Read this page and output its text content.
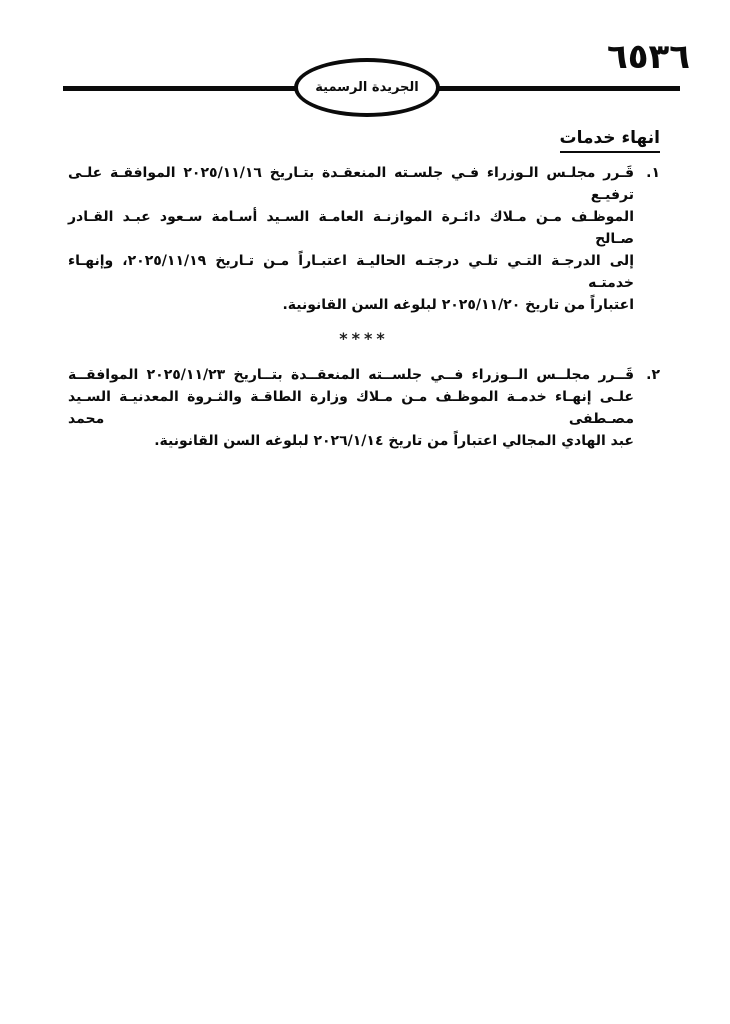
٦٥٣٦
الجريدة الرسمية
انهاء خدمات
١.
قَـرر مجلـس الـوزراء فـي جلسـته المنعقـدة بتـاريخ ٢٠٢٥/١١/١٦ الموافقـة علـى ترفيـع
الموظـف مـن مـلاك دائـرة الموازنـة العامـة السـيد أسـامة سـعود عبـد القـادر صـالح
إلى الدرجـة التـي تلـي درجتـه الحاليـة اعتبـاراً مـن تـاريخ ٢٠٢٥/١١/١٩، وإنهـاء خدمتـه
اعتباراً من تاريخ ٢٠٢٥/١١/٢٠ لبلوغه السن القانونية.
****
٢.
قَــرر مجلــس الــوزراء فــي جلســته المنعقــدة بتــاريخ ٢٠٢٥/١١/٢٣ الموافقــة
علـى إنهـاء خدمـة الموظـف مـن مـلاك وزارة الطاقـة والثـروة المعدنيـة السـيد مصـطفى محمد
عبد الهادي المجالي اعتباراً من تاريخ ٢٠٢٦/١/١٤ لبلوغه السن القانونية.
